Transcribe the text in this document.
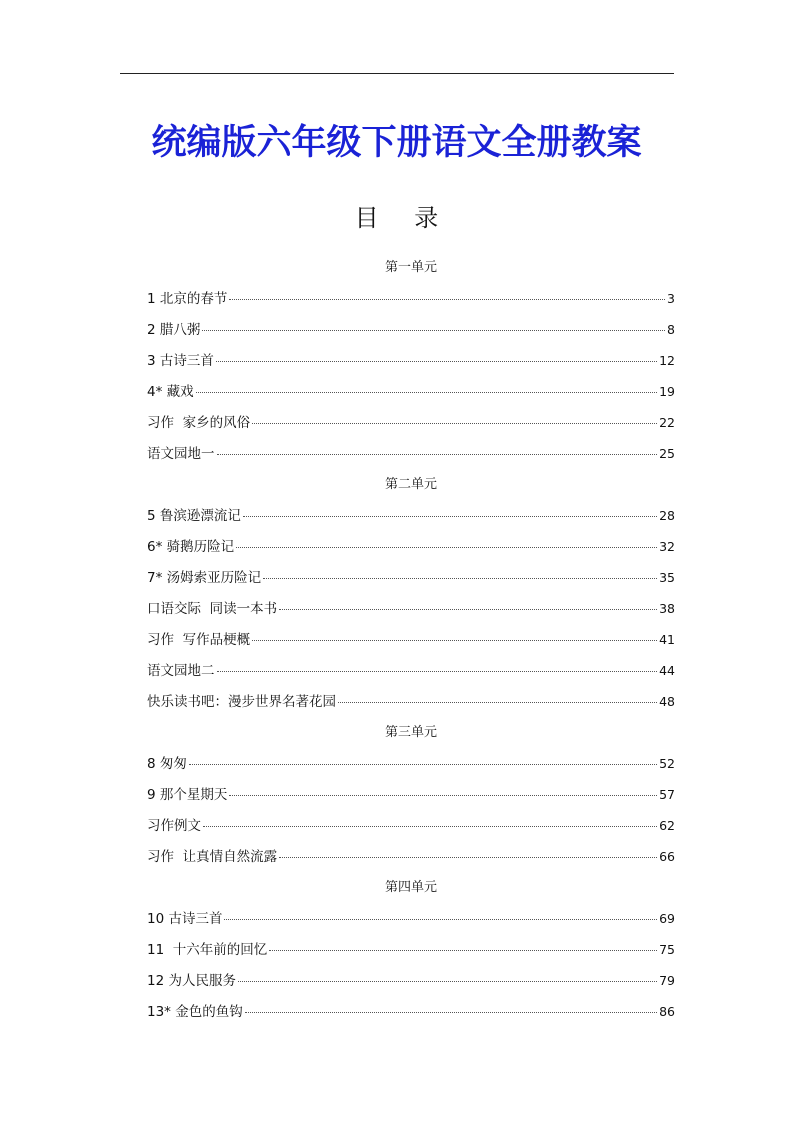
统编版六年级下册语文全册教案
目 录
第一单元
1 北京的春节	3
2 腊八粥	8
3 古诗三首	12
4* 藏戏	19
习作  家乡的风俗	22
语文园地一	25
第二单元
5 鲁滨逊漂流记	28
6* 骑鹅历险记	32
7* 汤姆索亚历险记	35
口语交际  同读一本书	38
习作  写作品梗概	41
语文园地二	44
快乐读书吧：漫步世界名著花园	48
第三单元
8 匆匆	52
9 那个星期天	57
习作例文	62
习作  让真情自然流露	66
第四单元
10 古诗三首	69
11  十六年前的回忆	75
12 为人民服务	79
13* 金色的鱼钩	86
